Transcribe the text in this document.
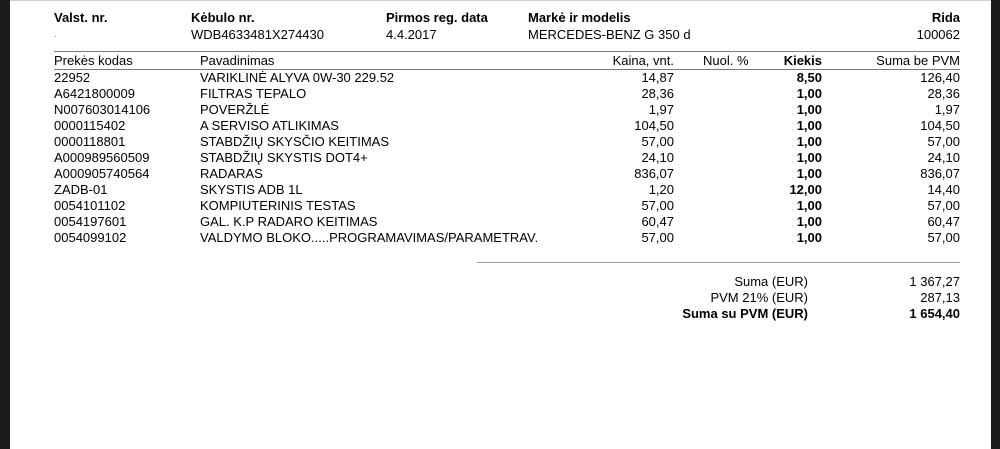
Valst. nr.
.
Kėbulo nr.
WDB4633481X274430
Pirmos reg. data
4.4.2017
Markė ir modelis
MERCEDES-BENZ G 350 d
Rida
100062
Prekės kodas	Pavadinimas	Kaina, vnt. Nuol. %	Kiekis	Suma be PVM
22952	VARIKLINĖ ALYVA 0W-30 229.52	14,87	8,50	126,40
A6421800009	FILTRAS TEPALO	28,36	1,00	28,36
N007603014106	POVERŽLĖ	1,97	1,00	1,97
0000115402	A SERVISO ATLIKIMAS	104,50	1,00	104,50
0000118801	STABDŽIŲ SKYSČIO KEITIMAS	57,00	1,00	57,00
A000989560509	STABDŽIŲ SKYSTIS DOT4+	24,10	1,00	24,10
A000905740564	RADARAS	836,07	1,00	836,07
ZADB-01	SKYSTIS ADB 1L	1,20	12,00	14,40
0054101102	KOMPIUTERINIS TESTAS	57,00	1,00	57,00
0054197601	GAL. K.P RADARO KEITIMAS	60,47	1,00	60,47
0054099102	VALDYMO BLOKO.....PROGRAMAVIMAS/PARAMETRAV.	57,00	1,00	57,00
Suma (EUR)	1 367,27
PVM 21% (EUR)	287,13
Suma su PVM (EUR)	1 654,40
